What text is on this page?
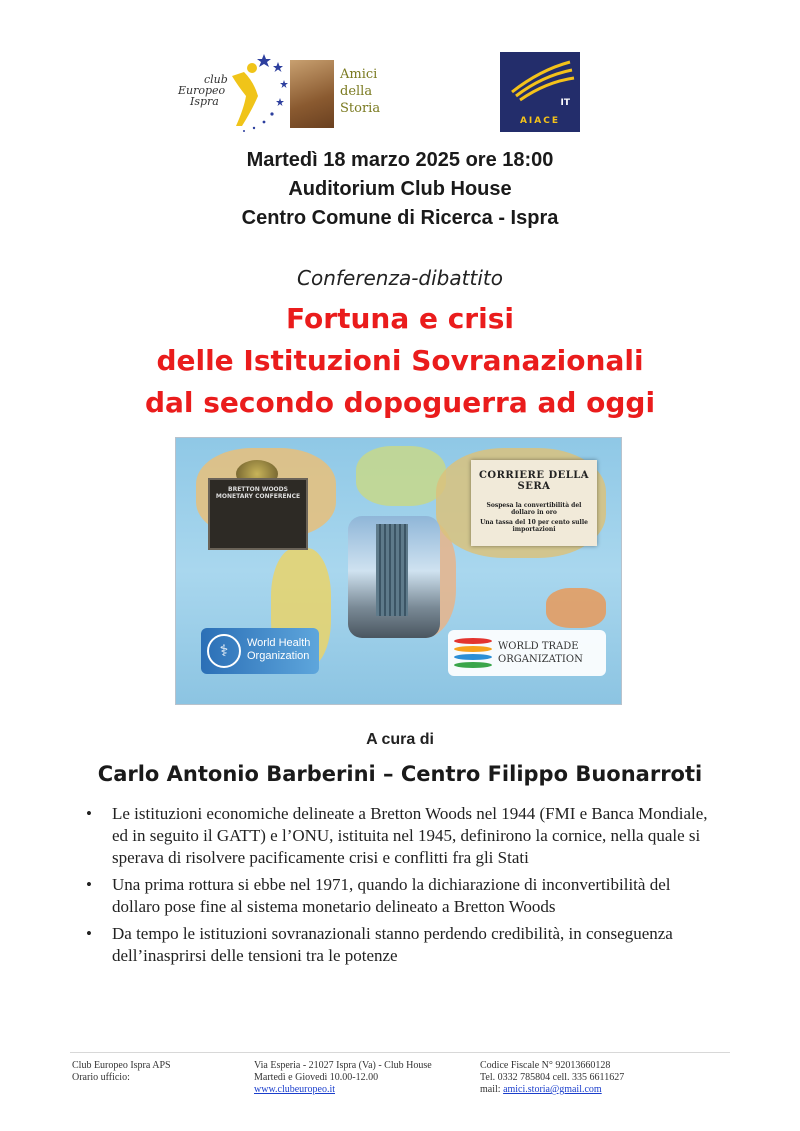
club
Europeo
Ispra
Amici
della
Storia	IT
AIACE
Martedì 18 marzo 2025 ore 18:00
Auditorium Club House
Centro Comune di Ricerca - Ispra
Conferenza-dibattito
Fortuna e crisi
delle Istituzioni Sovranazionali
dal secondo dopoguerra ad oggi
BRETTON WOODS
MONETARY CONFERENCE
CORRIERE DELLA SERA
Sospesa la convertibilità del dollaro in oro
Una tassa del 10 per cento sulle importazioni
⚕	World Health
Organization
WORLD TRADE
ORGANIZATION
A cura di
Carlo Antonio Barberini – Centro Filippo Buonarroti
• Le istituzioni economiche delineate a Bretton Woods nel 1944 (FMI e Banca Mondiale, ed in seguito il GATT) e l’ONU, istituita nel 1945, definirono la cornice, nella quale si sperava di risolvere pacificamente crisi e conflitti fra gli Stati
• Una prima rottura si ebbe nel 1971, quando la dichiarazione di inconvertibilità del dollaro pose fine al sistema monetario delineato a Bretton Woods
• Da tempo le istituzioni sovranazionali stanno perdendo credibilità, in conseguenza dell’inasprirsi delle tensioni tra le potenze
Club Europeo Ispra APS
Orario ufficio:
Via Esperia - 21027 Ispra (Va) - Club House
Martedì e Giovedì 10.00-12.00
www.clubeuropeo.it
Codice Fiscale N° 92013660128
Tel. 0332 785804 cell. 335 6611627
mail: amici.storia@gmail.com
